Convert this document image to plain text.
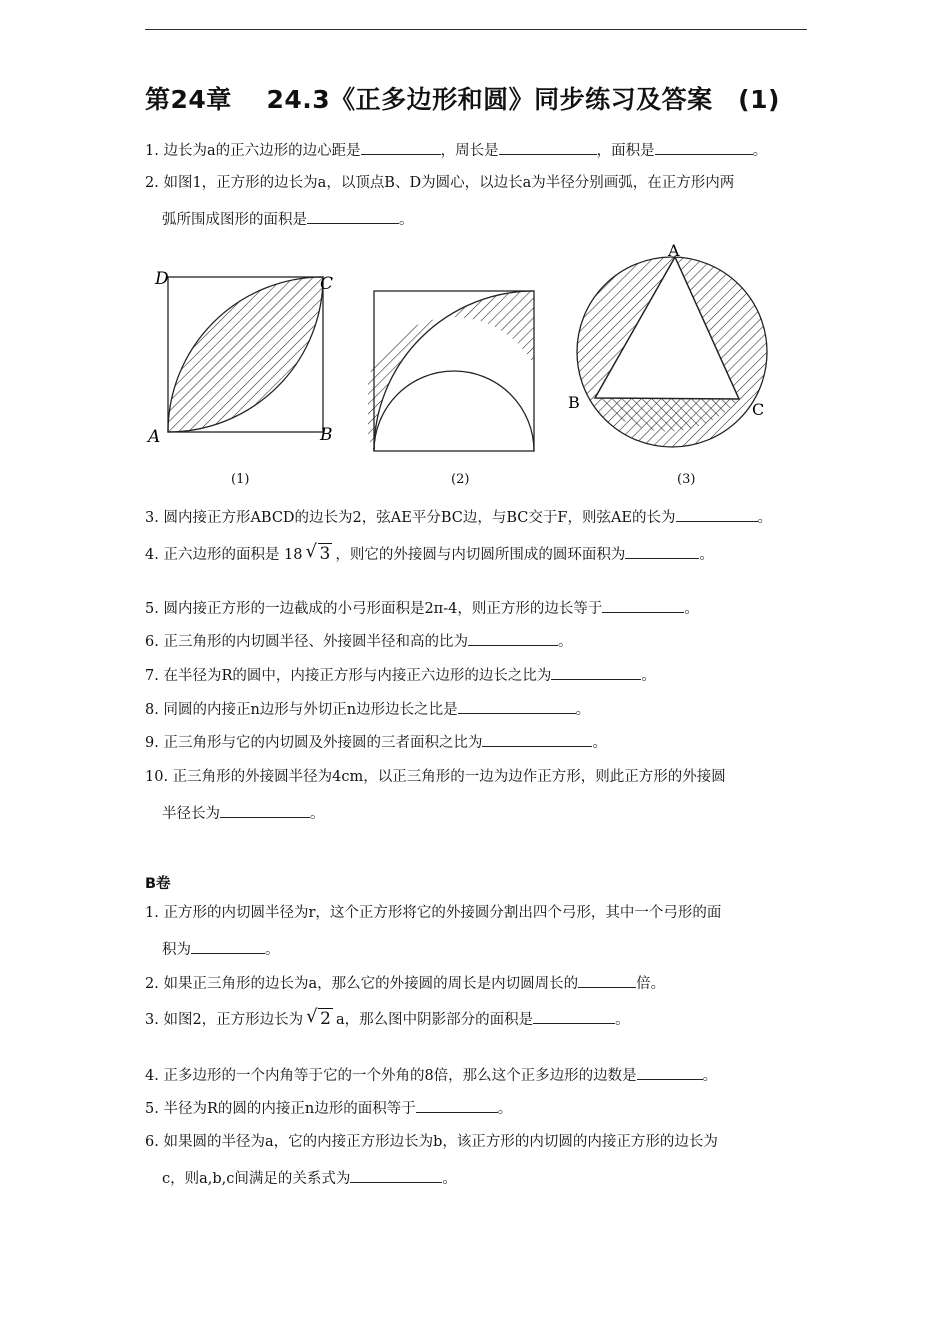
第24章　 24.3《正多边形和圆》同步练习及答案　(1)
1. 边长为a的正六边形的边心距是	，周长是	，面积是	。
2. 如图1，正方形的边长为a，以顶点B、D为圆心，以边长a为半径分别画弧，在正方形内两
弧所围成图形的面积是	。
D	C
A	B
A
B	C
(1)	(2)	(3)
3. 圆内接正方形ABCD的边长为2，弦AE平分BC边，与BC交于F，则弦AE的长为	。
4. 正六边形的面积是 18 √ 3 ，则它的外接圆与内切圆所围成的圆环面积为	。
5. 圆内接正方形的一边截成的小弓形面积是2π-4，则正方形的边长等于	。
6. 正三角形的内切圆半径、外接圆半径和高的比为	。
7. 在半径为R的圆中，内接正方形与内接正六边形的边长之比为	。
8. 同圆的内接正n边形与外切正n边形边长之比是	。
9. 正三角形与它的内切圆及外接圆的三者面积之比为	。
10. 正三角形的外接圆半径为4cm，以正三角形的一边为边作正方形，则此正方形的外接圆
半径长为	。
B卷
1. 正方形的内切圆半径为r，这个正方形将它的外接圆分割出四个弓形，其中一个弓形的面
积为	。
2. 如果正三角形的边长为a，那么它的外接圆的周长是内切圆周长的	倍。
3. 如图2，正方形边长为 √ 2 a，那么图中阴影部分的面积是	。
4. 正多边形的一个内角等于它的一个外角的8倍，那么这个正多边形的边数是	。
5. 半径为R的圆的内接正n边形的面积等于	。
6. 如果圆的半径为a，它的内接正方形边长为b，该正方形的内切圆的内接正方形的边长为
c，则a,b,c间满足的关系式为	。
